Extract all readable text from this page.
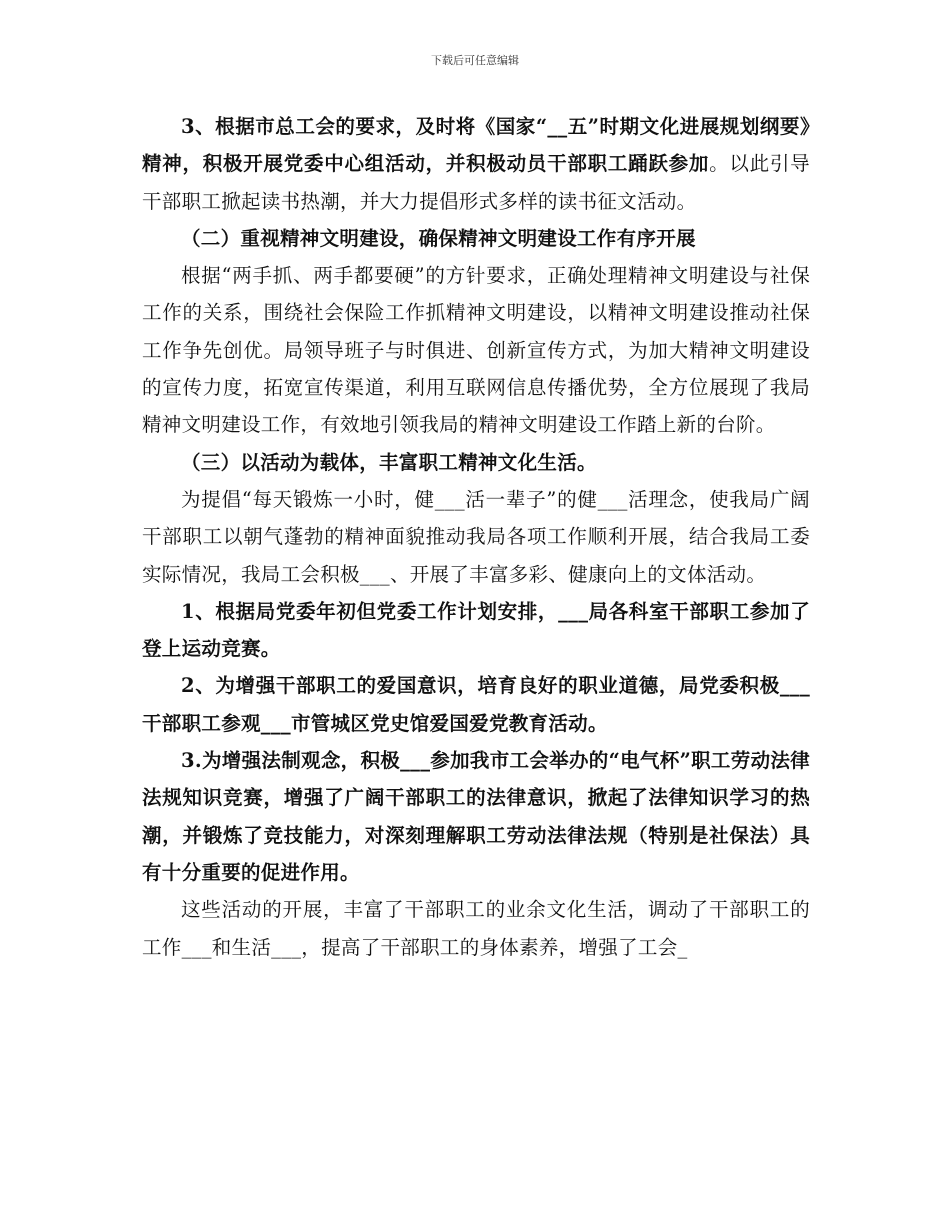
下载后可任意编辑

3、根据市总工会的要求，及时将《国家“__五”时期文化进展规划纲要》精神，积极开展党委中心组活动，并积极动员干部职工踊跃参加。以此引导干部职工掀起读书热潮，并大力提倡形式多样的读书征文活动。

（二）重视精神文明建设，确保精神文明建设工作有序开展

根据“两手抓、两手都要硬”的方针要求，正确处理精神文明建设与社保工作的关系，围绕社会保险工作抓精神文明建设，以精神文明建设推动社保工作争先创优。局领导班子与时俱进、创新宣传方式，为加大精神文明建设的宣传力度，拓宽宣传渠道，利用互联网信息传播优势，全方位展现了我局精神文明建设工作，有效地引领我局的精神文明建设工作踏上新的台阶。

（三）以活动为载体，丰富职工精神文化生活。

为提倡“每天锻炼一小时，健___活一辈子”的健___活理念，使我局广阔干部职工以朝气蓬勃的精神面貌推动我局各项工作顺利开展，结合我局工委实际情况，我局工会积极___、开展了丰富多彩、健康向上的文体活动。

1、根据局党委年初但党委工作计划安排，___局各科室干部职工参加了登上运动竞赛。

2、为增强干部职工的爱国意识，培育良好的职业道德，局党委积极___干部职工参观___市管城区党史馆爱国爱党教育活动。

3.为增强法制观念，积极___参加我市工会举办的“电气杯”职工劳动法律法规知识竞赛，增强了广阔干部职工的法律意识，掀起了法律知识学习的热潮，并锻炼了竞技能力，对深刻理解职工劳动法律法规（特别是社保法）具有十分重要的促进作用。

这些活动的开展，丰富了干部职工的业余文化生活，调动了干部职工的工作___和生活___，提高了干部职工的身体素养，增强了工会_
